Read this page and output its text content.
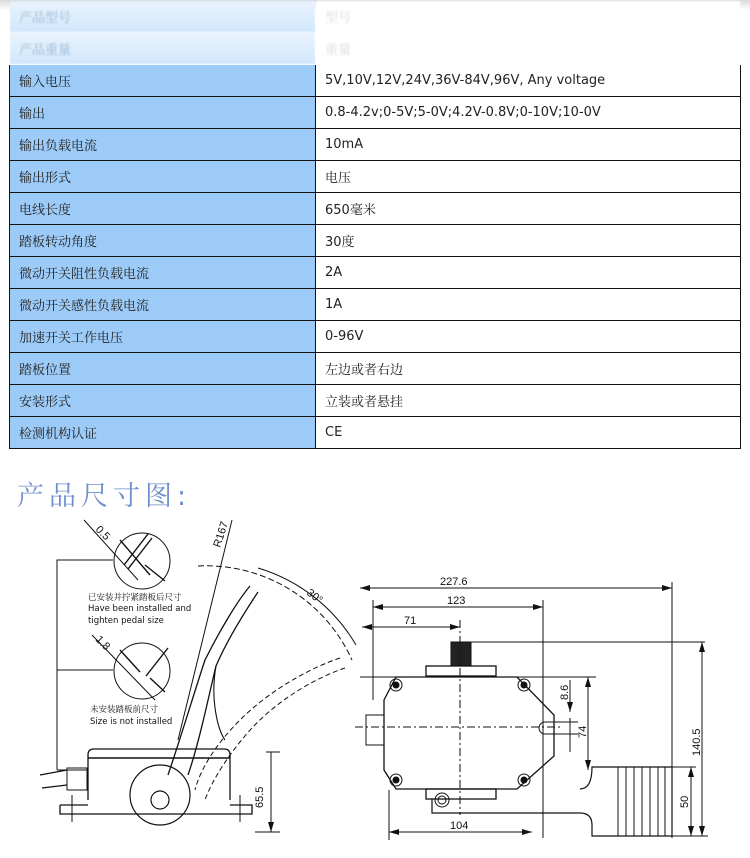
产品型号	型号
产品重量	重量
输入电压	5V,10V,12V,24V,36V-84V,96V, Any voltage
输出	0.8-4.2v;0-5V;5-0V;4.2V-0.8V;0-10V;10-0V
输出负载电流	10mA
输出形式	电压
电线长度	650毫米
踏板转动角度	30度
微动开关阻性负载电流	2A
微动开关感性负载电流	1A
加速开关工作电压	0-96V
踏板位置	左边或者右边
安装形式	立装或者悬挂
检测机构认证	CE
产品尺寸图:
0.5
已安装并拧紧踏板后尺寸
Have been installed and
tighten pedal size
1.8
未安装踏板前尺寸
Size is not installed
R167
30°
65.5
227.6
123
71
8.6
74	140.5
50
104
